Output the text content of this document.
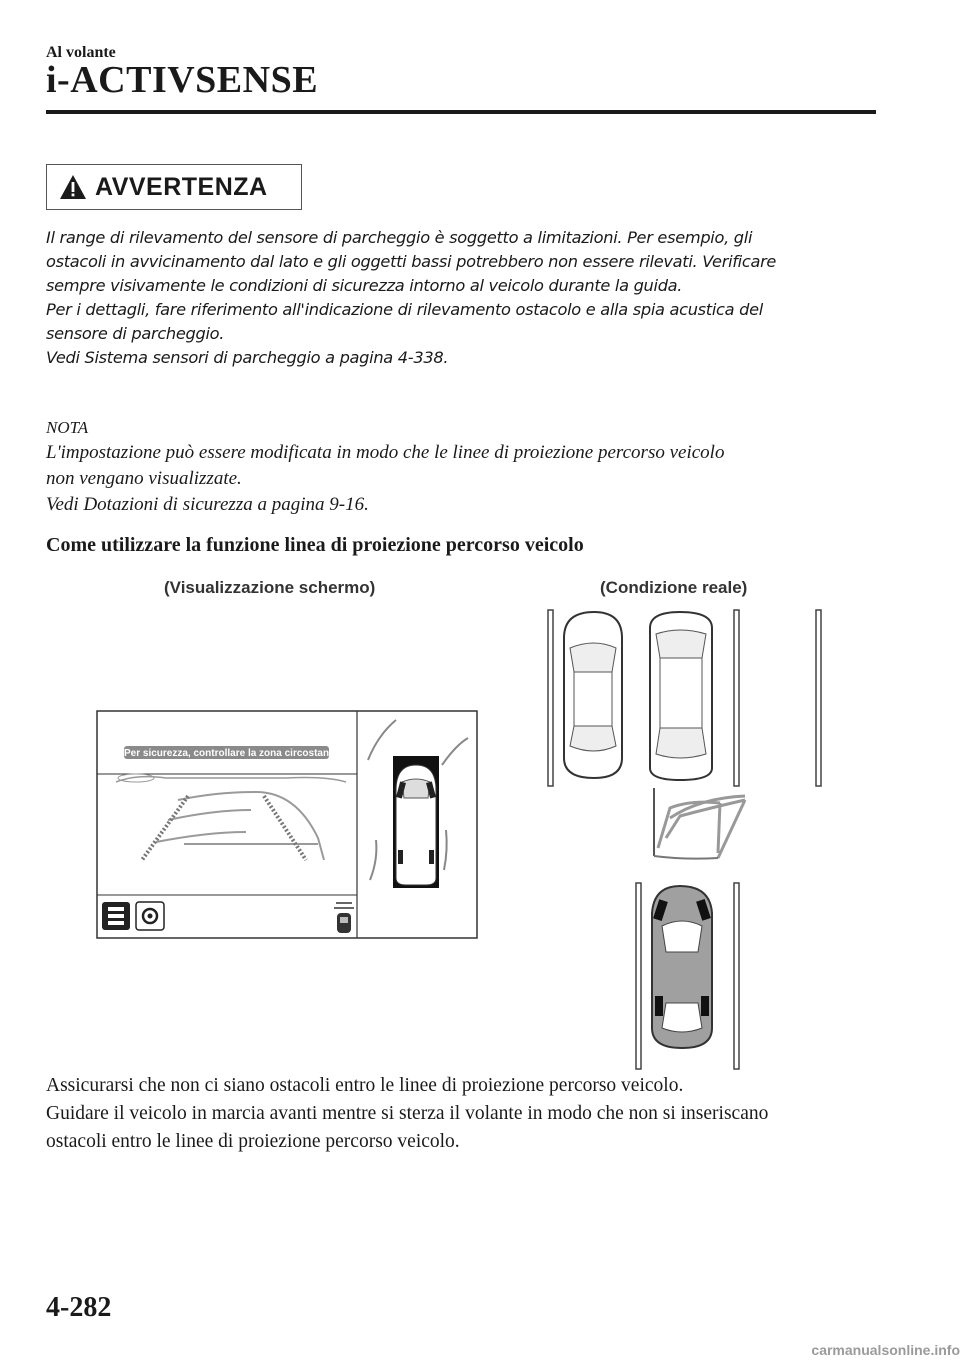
Al volante
i-ACTIVSENSE
AVVERTENZA
Il range di rilevamento del sensore di parcheggio è soggetto a limitazioni. Per esempio, gli
ostacoli in avvicinamento dal lato e gli oggetti bassi potrebbero non essere rilevati. Verificare
sempre visivamente le condizioni di sicurezza intorno al veicolo durante la guida.
Per i dettagli, fare riferimento all'indicazione di rilevamento ostacolo e alla spia acustica del
sensore di parcheggio.
Vedi Sistema sensori di parcheggio a pagina 4-338.
NOTA
L'impostazione può essere modificata in modo che le linee di proiezione percorso veicolo
non vengano visualizzate.
Vedi Dotazioni di sicurezza a pagina 9-16.
Come utilizzare la funzione linea di proiezione percorso veicolo
(Visualizzazione schermo)	(Condizione reale)
Per sicurezza, controllare la zona circostante
Assicurarsi che non ci siano ostacoli entro le linee di proiezione percorso veicolo.
Guidare il veicolo in marcia avanti mentre si sterza il volante in modo che non si inseriscano
ostacoli entro le linee di proiezione percorso veicolo.
4-282
carmanualsonline.info
